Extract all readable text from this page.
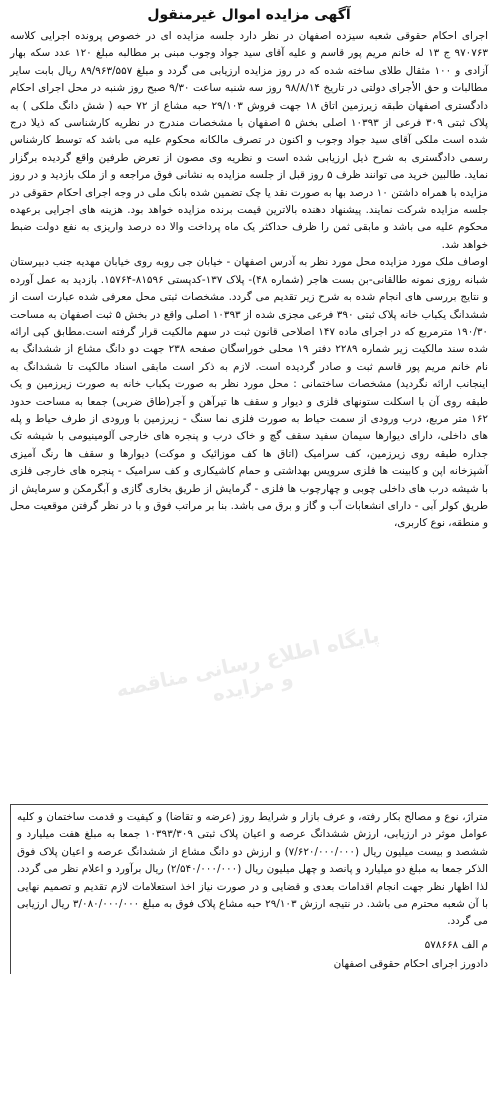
آگهی مزایده اموال غیرمنقول

اجرای احکام حقوقی شعبه سیزده اصفهان در نظر دارد جلسه مزایده ای در خصوص پرونده اجرایی کلاسه ۹۷۰۷۶۳ ج ۱۳ له خانم مریم پور قاسم و علیه آقای سید جواد وجوب مبنی بر مطالبه مبلغ ۱۲۰ عدد سکه بهار آزادی و ۱۰۰ مثقال طلای ساخته شده که در روز مزایده ارزیابی می گردد و مبلغ ۸۹/۹۶۳/۵۵۷ ریال بابت سایر مطالبات و حق الأجرای دولتی در تاریخ ۹۸/۸/۱۴ روز سه شنبه ساعت ۹/۳۰ صبح روز شنبه در محل اجرای احکام دادگستری اصفهان طبقه زیرزمین اتاق ۱۸ جهت فروش ۲۹/۱۰۳ حبه مشاع از ۷۲ حبه ( شش دانگ ملکی ) به پلاک ثبتی ۳۰۹ فرعی از ۱۰۳۹۳ اصلی بخش ۵ اصفهان با مشخصات مندرج در نظریه کارشناسی که ذیلا درج شده است ملکی آقای سید جواد وجوب و اکنون در تصرف مالکانه محکوم علیه می باشد که توسط کارشناس رسمی دادگستری به شرح ذیل ارزیابی شده است و نظریه وی مصون از تعرض طرفین واقع گردیده برگزار نماید. طالبین خرید می توانند ظرف ۵ روز قبل از جلسه مزایده به نشانی فوق مراجعه و از ملک بازدید و در روز مزایده با همراه داشتن ۱۰ درصد بها به صورت نقد یا چک تضمین شده بانک ملی در وجه اجرای احکام حقوقی در جلسه مزایده شرکت نمایند. پیشنهاد دهنده بالاترین قیمت برنده مزایده خواهد بود. هزینه های اجرایی برعهده محکوم علیه می باشد و مابقی ثمن را ظرف حداکثر یک ماه پرداخت والا ده درصد واریزی به نفع دولت ضبط خواهد شد.

اوصاف ملک مورد مزایده محل مورد نظر به آدرس اصفهان - خیابان جی روبه روی خیابان مهدیه جنب دبیرستان شبانه روزی نمونه طالقانی-بن بست هاجر (شماره ۴۸)- پلاک ۱۳۷-کدپستی ۸۱۵۹۶-۱۵۷۶۴. بازدید به عمل آورده و نتایج بررسی های انجام شده به شرح زیر تقدیم می گردد. مشخصات ثبتی محل معرفی شده عبارت است از ششدانگ یکباب خانه پلاک ثبتی ۳۹۰ فرعی مجزی شده از ۱۰۳۹۳ اصلی واقع در بخش ۵ ثبت اصفهان به مساحت ۱۹۰/۳۰ مترمربع که در اجرای ماده ۱۴۷ اصلاحی قانون ثبت در سهم مالکیت قرار گرفته است.مطابق کپی ارائه شده سند مالکیت زیر شماره ۲۲۸۹ دفتر ۱۹ محلی خوراسگان صفحه ۲۳۸ جهت دو دانگ مشاع از ششدانگ به نام خانم مریم پور قاسم ثبت و صادر گردیده است. لازم به ذکر است مابقی اسناد مالکیت تا ششدانگ به اینجانب ارائه نگردید) مشخصات ساختمانی : محل مورد نظر به صورت یکباب خانه به صورت زیرزمین و یک طبقه روی آن با اسکلت ستونهای فلزی و دیوار و سقف ها تیرآهن و آجر(طاق ضربی) جمعا به مساحت حدود ۱۶۲ متر مربع، درب ورودی از سمت حیاط به صورت فلزی نما سنگ - زیرزمین با ورودی از طرف حیاط و پله های داخلی، دارای دیوارها سیمان سفید سقف گچ و خاک درب و پنجره های خارجی آلومینیومی با شیشه تک جداره طبقه روی زیرزمین، کف سرامیک (اتاق ها کف موزائیک و موکت) دیوارها و سقف ها رنگ آمیزی آشپزخانه اپن و کابینت ها فلزی سرویس بهداشتی و حمام کاشیکاری و کف سرامیک - پنجره های خارجی فلزی با شیشه درب های داخلی چوبی و چهارچوب ها فلزی - گرمایش از طریق بخاری گازی و آبگرمکن و سرمایش از طریق کولر آبی - دارای انشعابات آب و گاز و برق می باشد. بنا بر مراتب فوق و با در نظر گرفتن موقعیت محل و منطقه، نوع کاربری،

متراژ، نوع و مصالح بکار رفته، و عرف بازار و شرایط روز (عرضه و تقاضا) و کیفیت و قدمت ساختمان و کلیه عوامل موثر در ارزیابی، ارزش ششدانگ عرصه و اعیان پلاک ثبتی ۱۰۳۹۳/۳۰۹ جمعا به مبلغ هفت میلیارد و ششصد و بیست میلیون ریال (۷/۶۲۰/۰۰۰/۰۰۰) و ارزش دو دانگ مشاع از ششدانگ عرصه و اعیان پلاک فوق الذکر جمعا به مبلغ دو میلیارد و پانصد و چهل میلیون ریال (۲/۵۴۰/۰۰۰/۰۰۰) ریال برآورد و اعلام نظر می گردد. لذا اظهار نظر جهت انجام اقدامات بعدی و قضایی و در صورت نیاز اخذ استعلامات لازم تقدیم و تصمیم نهایی با آن شعبه محترم می باشد. در نتیجه ارزش ۲۹/۱۰۳ حبه مشاع پلاک فوق به مبلغ ۳/۰۸۰/۰۰۰/۰۰۰ ریال ارزیابی می گردد.

م الف ۵۷۸۶۶۸
دادورز اجرای احکام حقوقی اصفهان
پایگاه اطلاع رسانی مناقصه و مزایده
